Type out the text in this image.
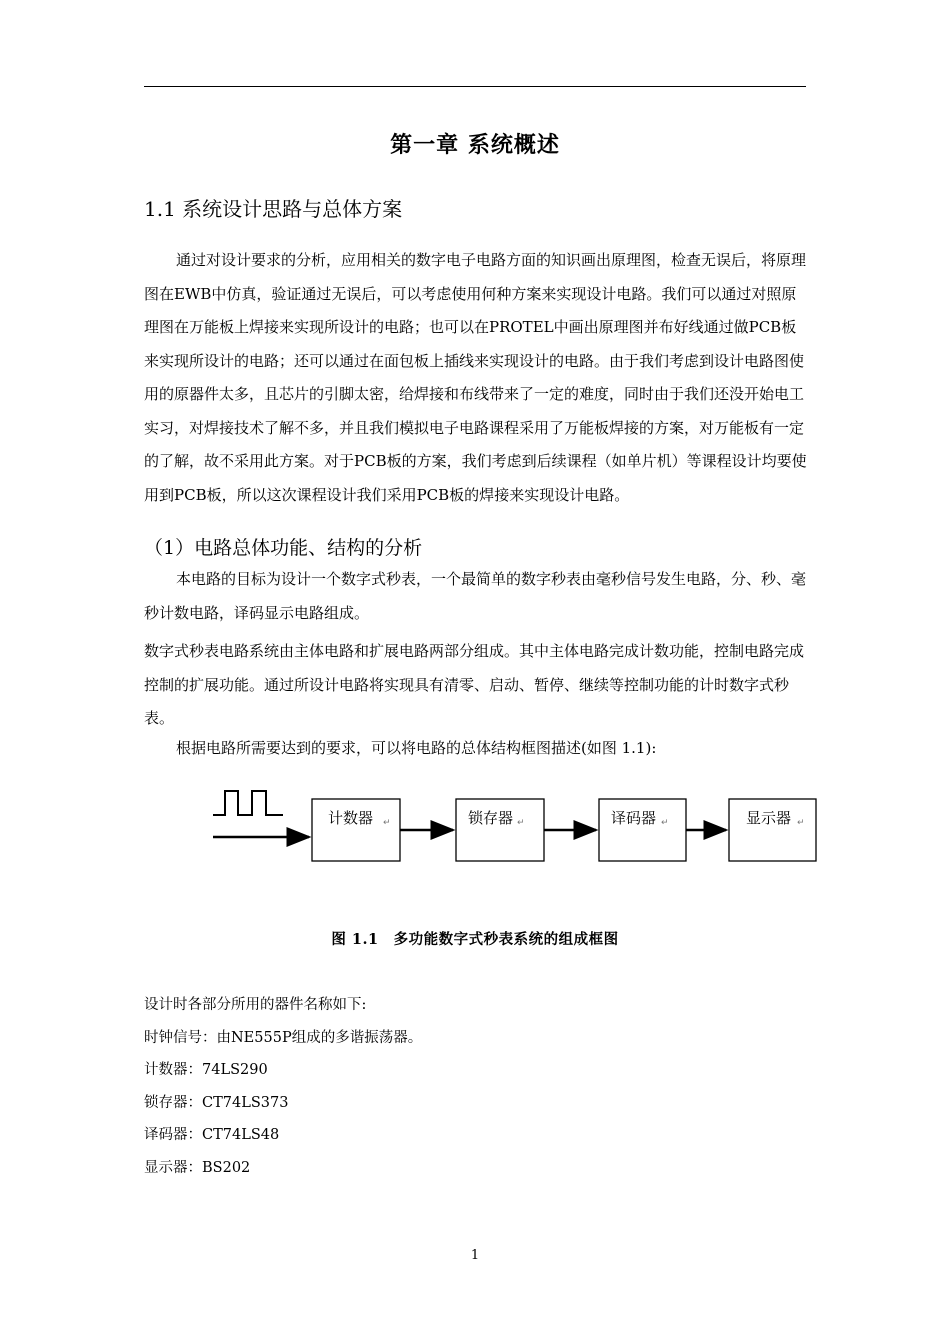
第一章 系统概述
1.1 系统设计思路与总体方案

通过对设计要求的分析，应用相关的数字电子电路方面的知识画出原理图，检查无误后，将原理图在EWB中仿真，验证通过无误后，可以考虑使用何种方案来实现设计电路。我们可以通过对照原理图在万能板上焊接来实现所设计的电路；也可以在PROTEL中画出原理图并布好线通过做PCB板来实现所设计的电路；还可以通过在面包板上插线来实现设计的电路。由于我们考虑到设计电路图使用的原器件太多，且芯片的引脚太密，给焊接和布线带来了一定的难度，同时由于我们还没开始电工实习，对焊接技术了解不多，并且我们模拟电子电路课程采用了万能板焊接的方案，对万能板有一定的了解，故不采用此方案。对于PCB板的方案，我们考虑到后续课程（如单片机）等课程设计均要使用到PCB板，所以这次课程设计我们采用PCB板的焊接来实现设计电路。

（1）电路总体功能、结构的分析

本电路的目标为设计一个数字式秒表，一个最简单的数字秒表由毫秒信号发生电路，分、秒、毫秒计数电路，译码显示电路组成。

数字式秒表电路系统由主体电路和扩展电路两部分组成。其中主体电路完成计数功能，控制电路完成控制的扩展功能。通过所设计电路将实现具有清零、启动、暂停、继续等控制功能的计时数字式秒表。

根据电路所需要达到的要求，可以将电路的总体结构框图描述(如图 1.1):

计数器 ↵	锁存器 ↵	译码器 ↵	显示器 ↵
图 1.1　多功能数字式秒表系统的组成框图
设计时各部分所用的器件名称如下:
时钟信号：由NE555P组成的多谐振荡器。
计数器：74LS290
锁存器：CT74LS373
译码器：CT74LS48
显示器：BS202
1
